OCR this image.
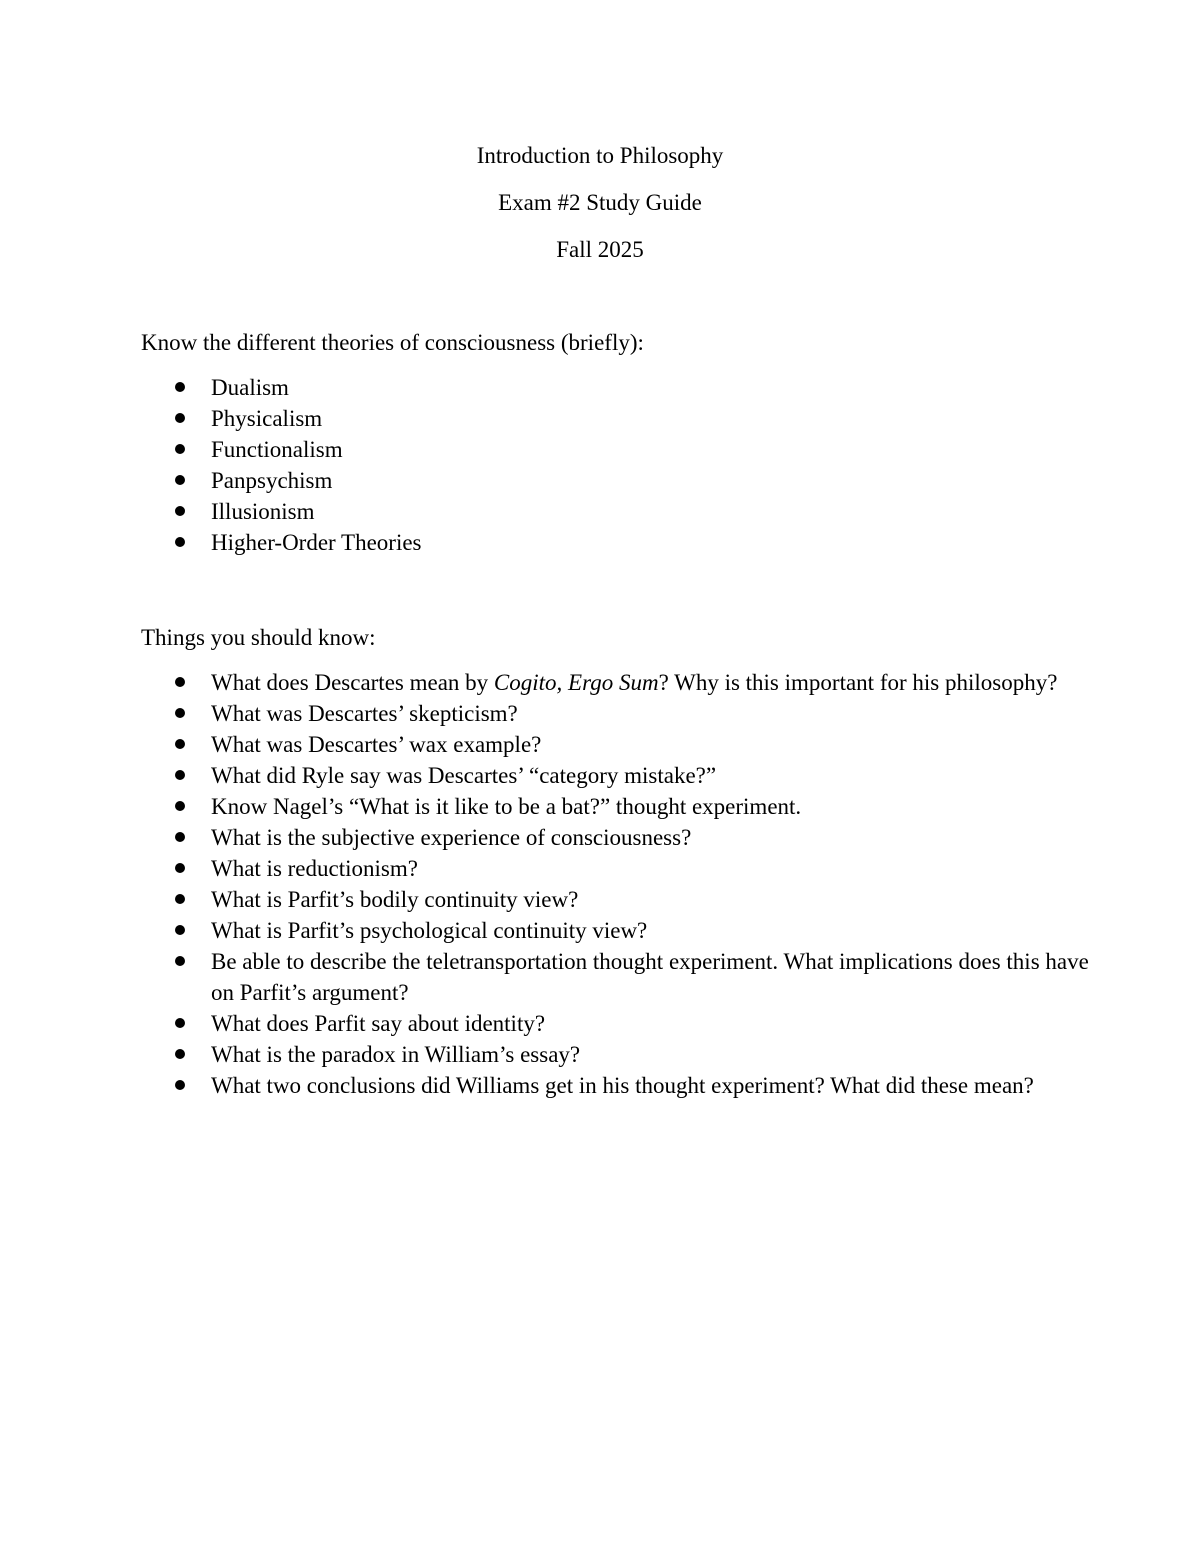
Introduction to Philosophy

Exam #2 Study Guide

Fall 2025

Know the different theories of consciousness (briefly):

Dualism
Physicalism
Functionalism
Panpsychism
Illusionism
Higher-Order Theories

Things you should know:

What does Descartes mean by Cogito, Ergo Sum? Why is this important for his philosophy?
What was Descartes’ skepticism?
What was Descartes’ wax example?
What did Ryle say was Descartes’ “category mistake?”
Know Nagel’s “What is it like to be a bat?” thought experiment.
What is the subjective experience of consciousness?
What is reductionism?
What is Parfit’s bodily continuity view?
What is Parfit’s psychological continuity view?
Be able to describe the teletransportation thought experiment. What implications does this have on Parfit’s argument?
What does Parfit say about identity?
What is the paradox in William’s essay?
What two conclusions did Williams get in his thought experiment? What did these mean?
